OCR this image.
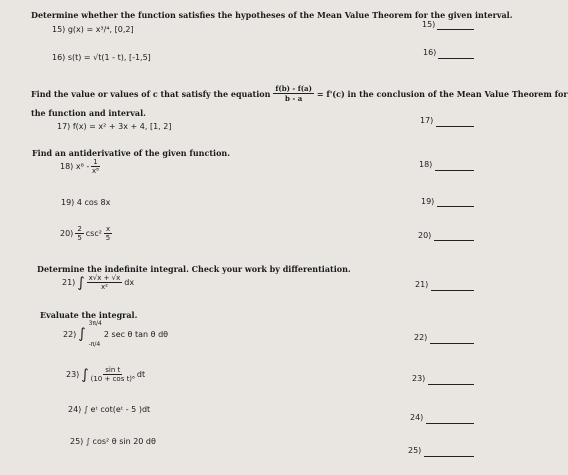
Determine whether the function satisfies the hypotheses of the Mean Value Theorem for the given interval.
15) g(x) = x³/⁴, [0,2]
15)
16) s(t) = √t(1 - t), [-1,5]
16)
Find the value or values of c that satisfy the equation $\frac{f(b) - f(a)}{b - a} = f'(c)$ in the conclusion of the Mean Value Theorem for
the function and interval.
17) f(x) = x² + 3x + 4, [1, 2]
17)
Find an antiderivative of the given function.
18) $x^8 - \frac{1}{\text{x⁸}}$	18)
19) 4 cos 8x	19)
$20) \frac{2}{5} \csc^2 \frac{x}{5}$	20)
Determine the indefinite integral. Check your work by differentiation.
21) ∫ $\frac{x√x + √x}{\text{x²}}$ dx	21)
Evaluate the integral.
22) ∫
3π/4
-π/4
2 sec θ tan θ dθ	22)
23) ∫ $\frac{\text{sin t}}{\text{(10 + cos t)⁶}}$ dt	23)
24) ∫ eᵗ cot(eᵗ - 5 )dt
24)
25) ∫ cos² θ sin 20 dθ
25)
